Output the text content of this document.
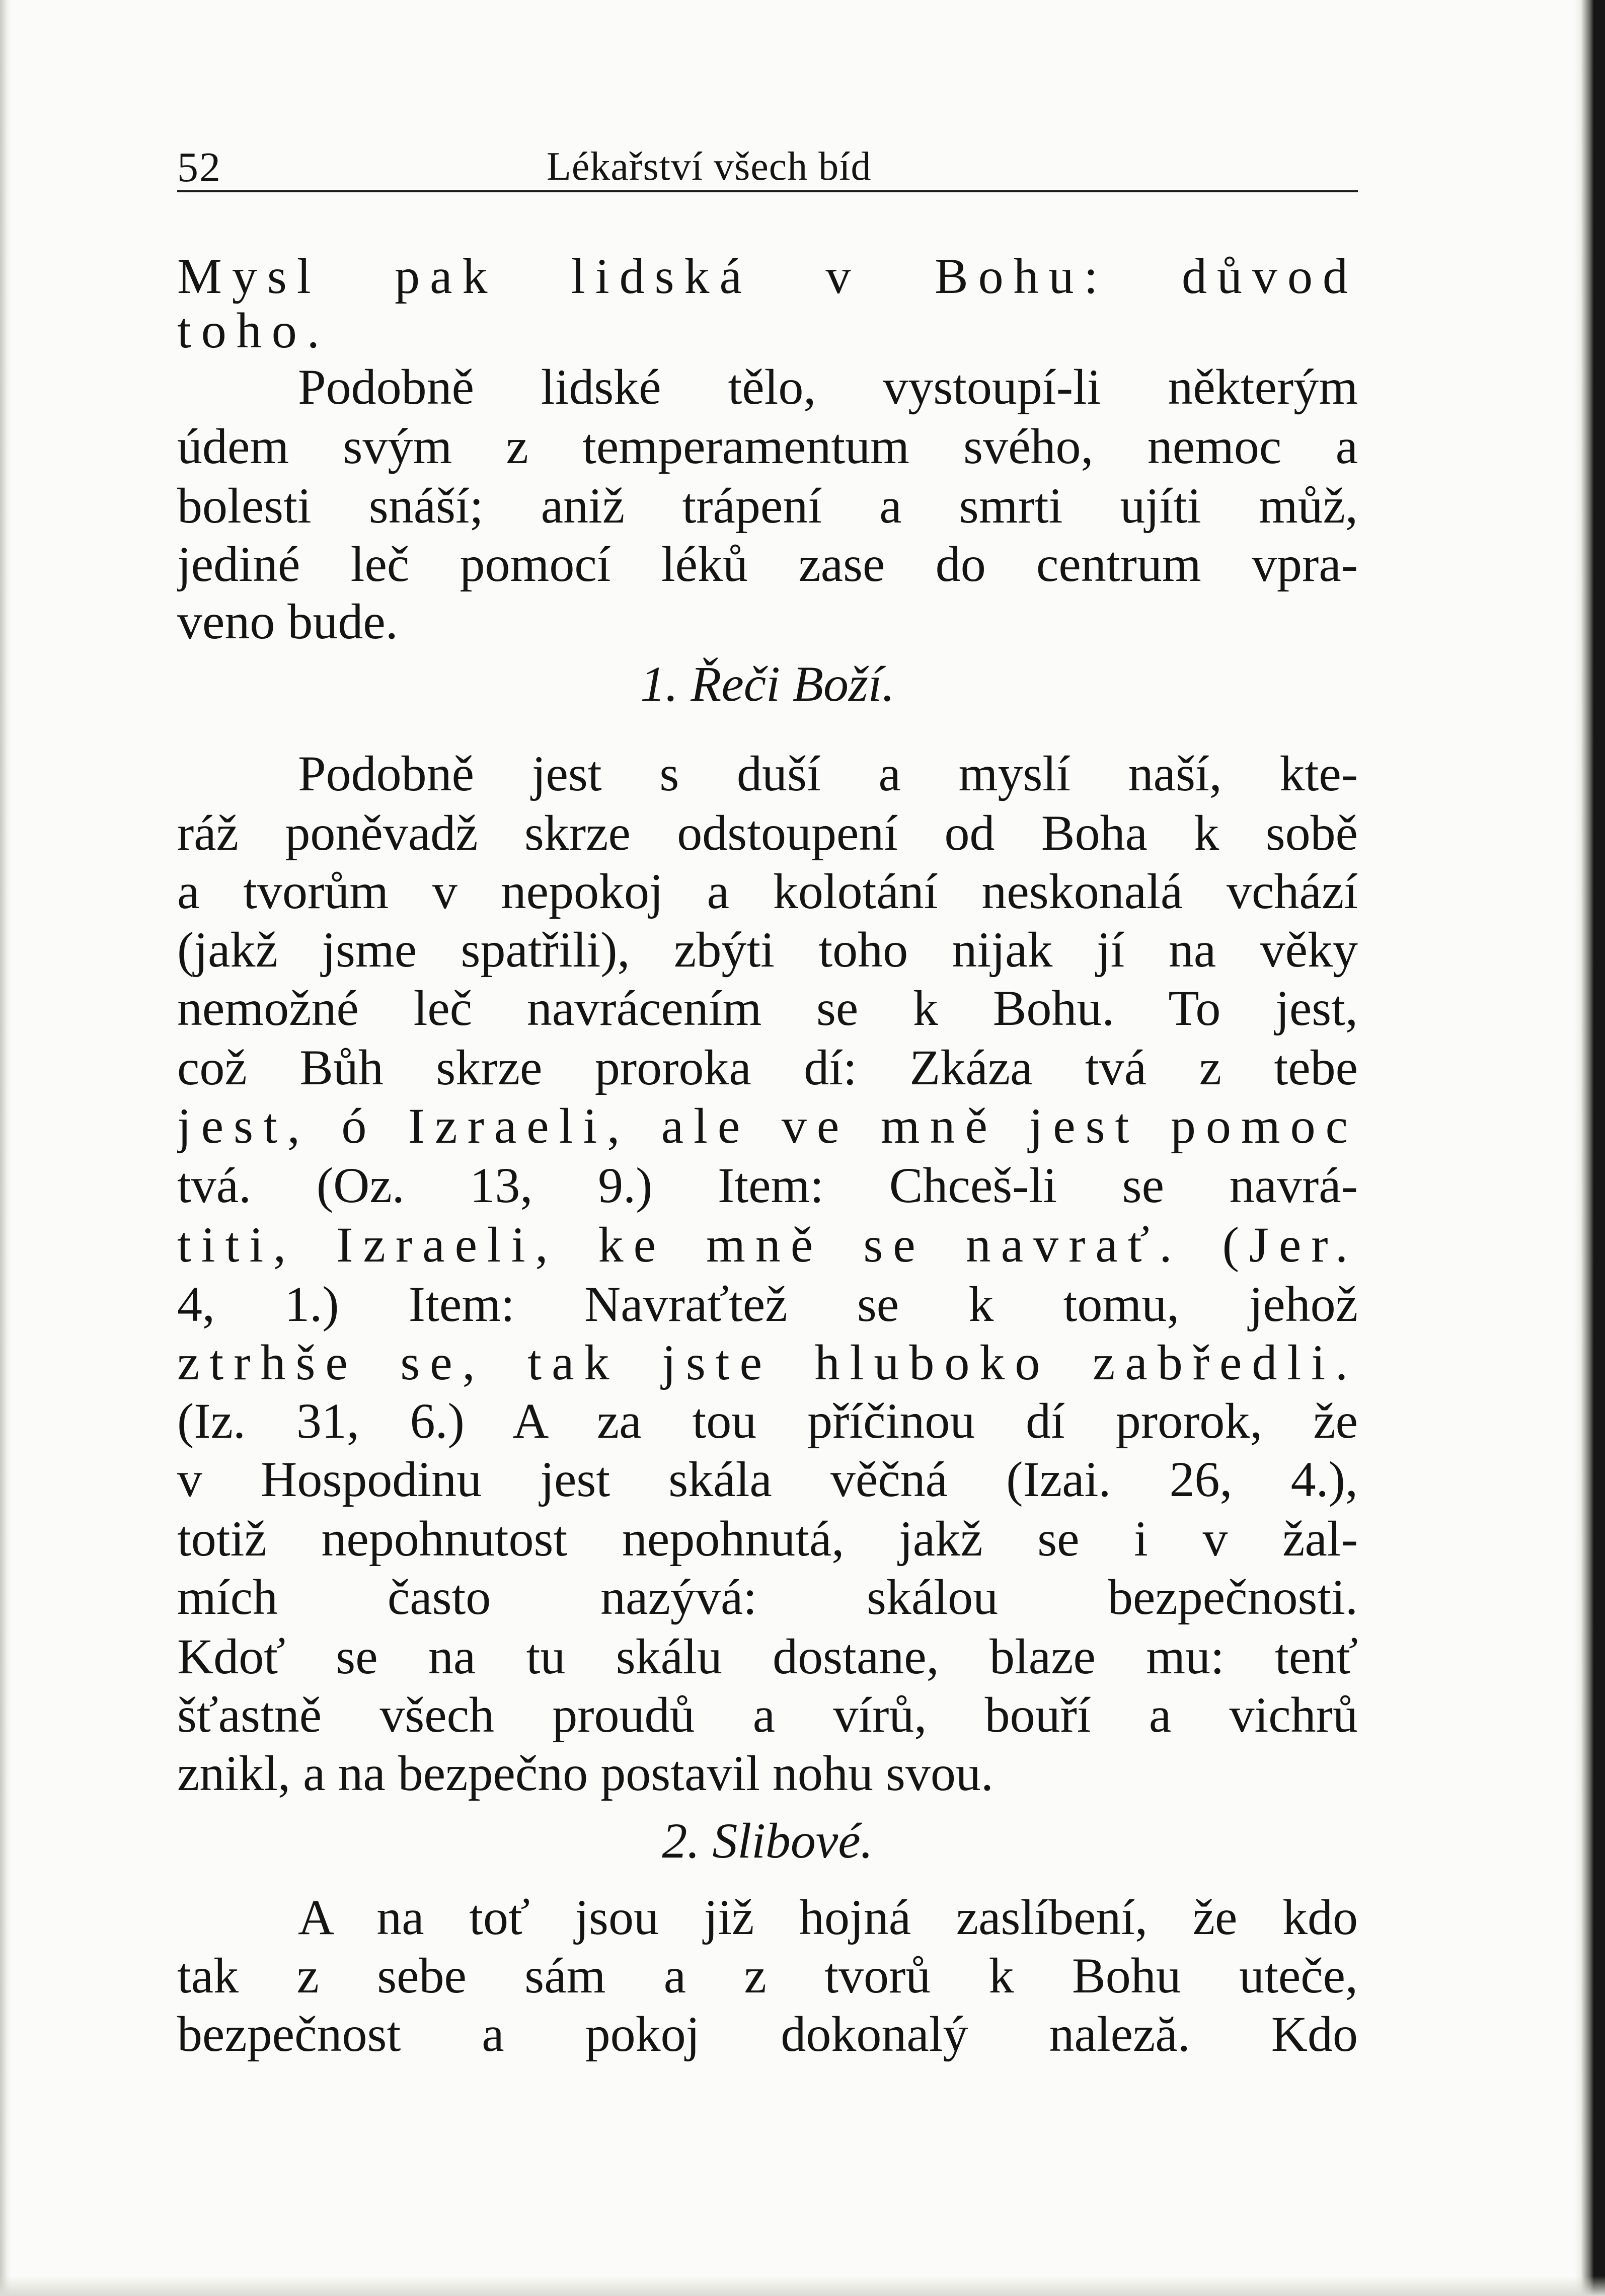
52	Lékařství všech bíd
Mysl pak lidská v Bohu: důvod
toho.
Podobně lidské tělo, vystoupí-li některým
údem svým z temperamentum svého, nemoc a
bolesti snáší; aniž trápení a smrti ujíti můž,
jediné leč pomocí léků zase do centrum vpra-
veno bude.
1. Řeči Boží.
Podobně jest s duší a myslí naší, kte-
ráž poněvadž skrze odstoupení od Boha k sobě
a tvorům v nepokoj a kolotání neskonalá vchází
(jakž jsme spatřili), zbýti toho nijak jí na věky
nemožné leč navrácením se k Bohu. To jest,
což Bůh skrze proroka dí: Zkáza tvá z tebe
jest, ó Izraeli, ale ve mně jest pomoc
tvá. (Oz. 13, 9.) Item: Chceš-li se navrá-
titi, Izraeli, ke mně se navrať. (Jer.
4, 1.) Item: Navraťtež se k tomu, jehož
ztrhše se, tak jste hluboko zabředli.
(Iz. 31, 6.) A za tou příčinou dí prorok, že
v Hospodinu jest skála věčná (Izai. 26, 4.),
totiž nepohnutost nepohnutá, jakž se i v žal-
mích často nazývá: skálou bezpečnosti.
Kdoť se na tu skálu dostane, blaze mu: tenť
šťastně všech proudů a vírů, bouří a vichrů
znikl, a na bezpečno postavil nohu svou.
2. Slibové.
A na toť jsou již hojná zaslíbení, že kdo
tak z sebe sám a z tvorů k Bohu uteče,
bezpečnost a pokoj dokonalý naleză. Kdo
